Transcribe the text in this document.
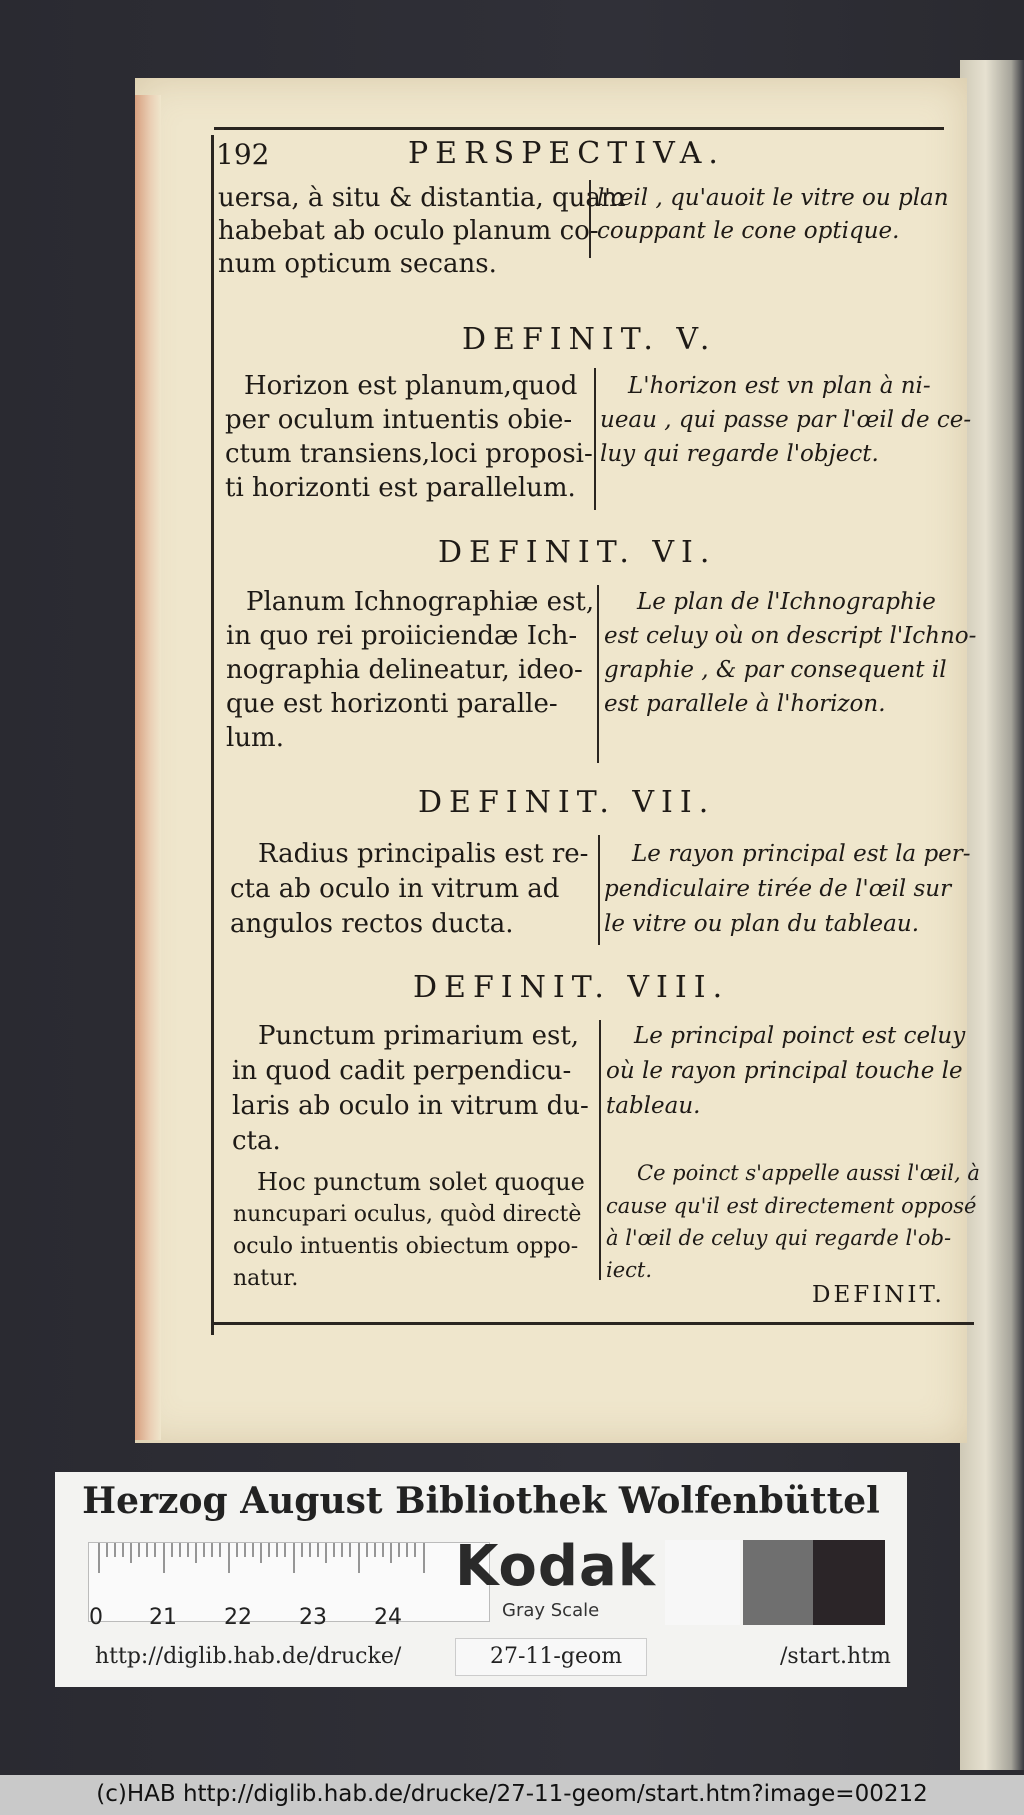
192	PERSPECTIVA.
uersa, à situ & distantia, quam
habebat ab oculo planum co-
num opticum secans.
l'œil , qu'auoit le vitre ou plan
couppant le cone optique.
DEFINIT. V.
Horizon est planum,quod
per oculum intuentis obie-
ctum transiens,loci proposi-
ti horizonti est parallelum.
L'horizon est vn plan à ni-
ueau , qui passe par l'œil de ce-
luy qui regarde l'object.
DEFINIT. VI.
Planum Ichnographiæ est,
in quo rei proiiciendæ Ich-
nographia delineatur, ideo-
que est horizonti paralle-
lum.
Le plan de l'Ichnographie
est celuy où on descript l'Ichno-
graphie , & par consequent il
est parallele à l'horizon.
DEFINIT. VII.
Radius principalis est re-
cta ab oculo in vitrum ad
angulos rectos ducta.
Le rayon principal est la per-
pendiculaire tirée de l'œil sur
le vitre ou plan du tableau.
DEFINIT. VIII.
Punctum primarium est,
in quod cadit perpendicu-
laris ab oculo in vitrum du-
cta.
Le principal poinct est celuy
où le rayon principal touche le
tableau.
Hoc punctum solet quoque
nuncupari oculus, quòd directè
oculo intuentis obiectum oppo-
natur.
Ce poinct s'appelle aussi l'œil, à
cause qu'il est directement opposé
à l'œil de celuy qui regarde l'ob-
iect.
DEFINIT.
Herzog August Bibliothek Wolfenbüttel
0 21 22 23 24
Kodak
Gray Scale
http://diglib.hab.de/drucke/	27-11-geom	/start.htm
(c)HAB http://diglib.hab.de/drucke/27-11-geom/start.htm?image=00212
